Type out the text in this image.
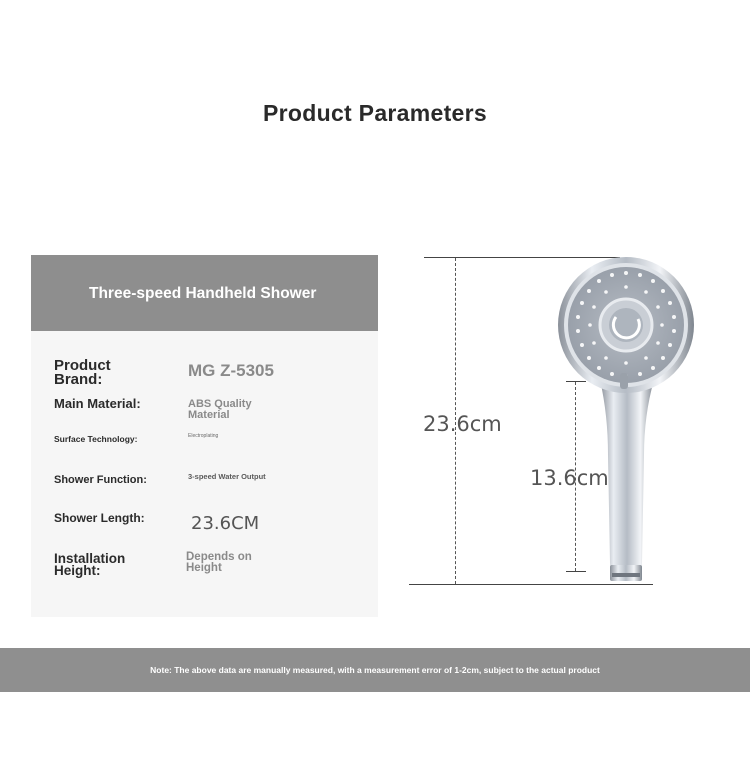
Product Parameters
Three-speed Handheld Shower
Product Brand:	MG Z-5305
Main Material:	ABS Quality Material
Surface Technology:	Electroplating
Shower Function:	3-speed Water Output
Shower Length:	23.6CM
Installation Height:
Depends on Height
23.6cm
13.6cm
Note: The above data are manually measured, with a measurement error of 1-2cm, subject to the actual product
